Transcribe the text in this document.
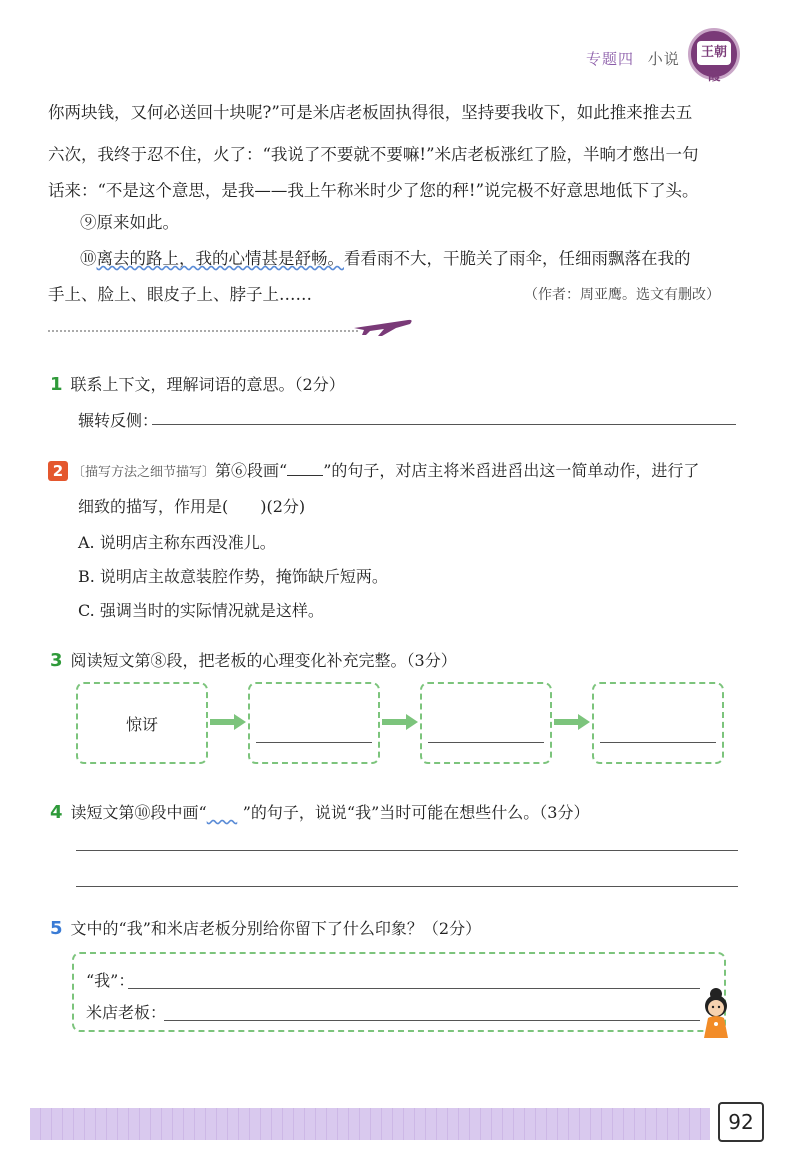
专题四 小说	王朝霞
你两块钱，又何必送回十块呢?”可是米店老板固执得很，坚持要我收下，如此推来推去五
六次，我终于忍不住，火了：“我说了不要就不要嘛!”米店老板涨红了脸，半晌才憋出一句
话来：“不是这个意思，是我——我上午称米时少了您的秤!”说完极不好意思地低下了头。
⑨原来如此。
⑩离去的路上，我的心情甚是舒畅。看看雨不大，干脆关了雨伞，任细雨飘落在我的
手上、脸上、眼皮子上、脖子上……	（作者：周亚鹰。选文有删改）
1 联系上下文，理解词语的意思。（2分）
辗转反侧：
2 〔描写方法之细节描写〕第⑥段画“ ”的句子，对店主将米舀进舀出这一简单动作，进行了
细致的描写，作用是(　　)(2分)
A. 说明店主称东西没准儿。
B. 说明店主故意装腔作势，掩饰缺斤短两。
C. 强调当时的实际情况就是这样。
3 阅读短文第⑧段，把老板的心理变化补充完整。（3分）
惊讶
4 读短文第⑩段中画“ ”的句子，说说“我”当时可能在想些什么。（3分）
5 文中的“我”和米店老板分别给你留下了什么印象？（2分）
“我”：
米店老板：
92
